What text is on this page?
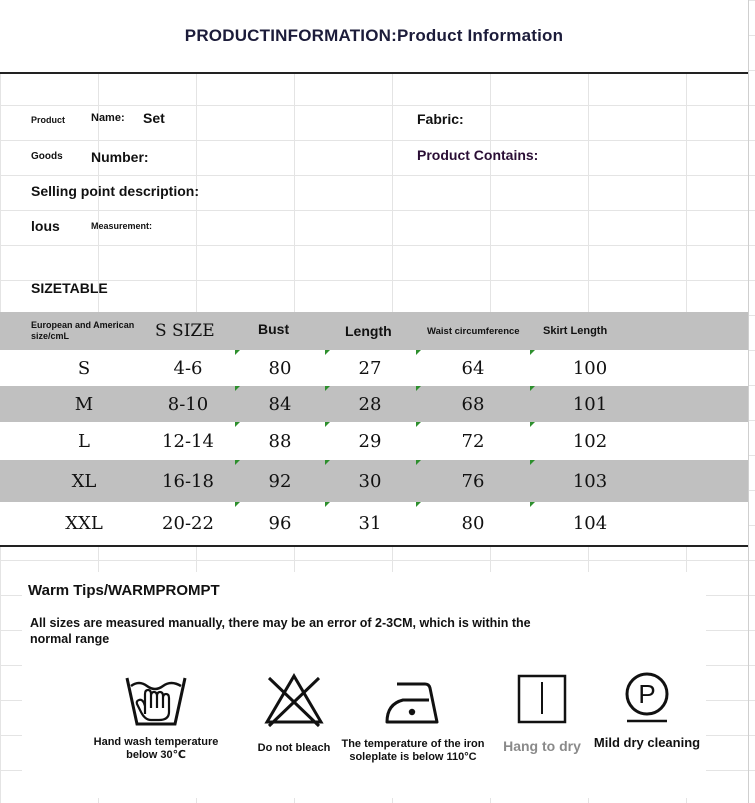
PRODUCTINFORMATION:Product Information
Product Name: Set	Fabric:
Goods Number:	Product Contains:
Selling point description:
lous	Measurement:
SIZETABLE
European and American size/cmL	S SIZE	Bust	Length	Waist circumference	Skirt Length
S	4-6	80	27	64	100
M	8-10	84	28	68	101
L	12-14	88	29	72	102
XL	16-18	92	30	76	103
XXL	20-22	96	31	80	104
Warm Tips/WARMPROMPT
All sizes are measured manually, there may be an error of 2-3CM, which is within the normal range
Hand wash temperature below 30℃
Do not bleach	The temperature of the iron soleplate is below 110°C
Hang to dry
P
Mild dry cleaning
